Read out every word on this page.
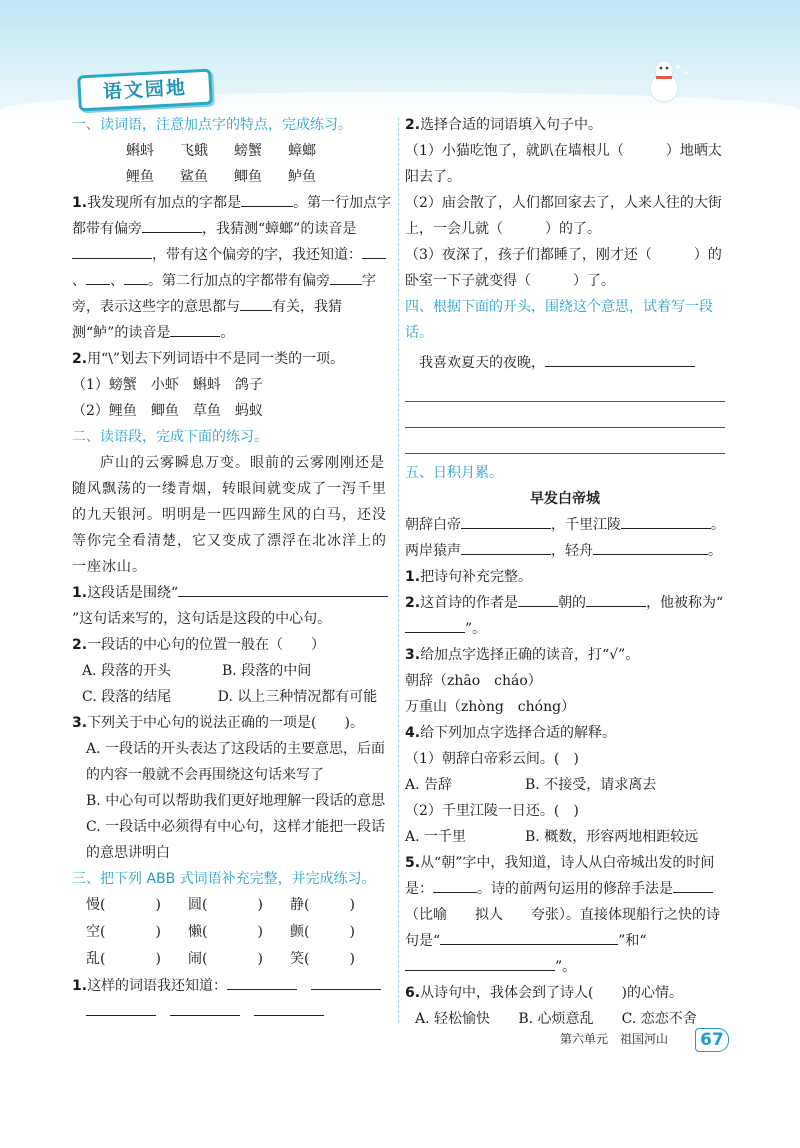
语文园地
一、读词语，注意加点字的特点，完成练习。
蝌蚪 飞蛾 螃蟹 蟑螂
鲤鱼 鲨鱼 鲫鱼 鲈鱼
1.我发现所有加点的字都是	。第一行加点字都带有偏旁	，我猜测“蟑螂”的读音是，带有这个偏旁的字，我还知道：、 、 。第二行加点的字都带有偏旁 字旁，表示这些字的意思都与 有关，我猜测“鲈”的读音是	。
2.用“\”划去下列词语中不是同一类的一项。
（1）螃蟹　小虾　蝌蚪　鸽子
（2）鲤鱼　鲫鱼　草鱼　蚂蚁
二、读语段，完成下面的练习。
庐山的云雾瞬息万变。眼前的云雾刚刚还是随风飘荡的一缕青烟，转眼间就变成了一泻千里的九天银河。明明是一匹四蹄生风的白马，还没等你完全看清楚，它又变成了漂浮在北冰洋上的一座冰山。
1.这段话是围绕“”这句话来写的，这句话是这段的中心句。
2.一段话的中心句的位置一般在（　　）
A. 段落的开头	B. 段落的中间
C. 段落的结尾	D. 以上三种情况都有可能
3.下列关于中心句的说法正确的一项是(　　)。
A. 一段话的开头表达了这段话的主要意思，后面的内容一般就不会再围绕这句话来写了
B. 中心句可以帮助我们更好地理解一段话的意思
C. 一段话中必须得有中心句，这样才能把一段话的意思讲明白
三、把下列 ABB 式词语补充完整，并完成练习。
慢(	)	圆(	)	静(	)
空(	)	懒(	)	颤(	)
乱(	)	闹(	)	笑(	)
1.这样的词语我还知道：　

2.选择合适的词语填入句子中。
（1）小猫吃饱了，就趴在墙根儿（　　　）地晒太阳去了。
（2）庙会散了，人们都回家去了，人来人往的大街上，一会儿就（　　　）的了。
（3）夜深了，孩子们都睡了，刚才还（　　　）的卧室一下子就变得（　　　）了。
四、根据下面的开头，围绕这个意思，试着写一段话。
我喜欢夏天的夜晚，
五、日积月累。
早发白帝城
朝辞白帝	，千里江陵	。
两岸猿声	，轻舟	。
1.把诗句补充完整。
2.这首诗的作者是	朝的	，他被称为“”。
3.给加点字选择正确的读音，打“√”。
朝辞（zhāo　cháo）
万重山（zhòng　chóng）
4.给下列加点字选择合适的解释。
（1）朝辞白帝彩云间。(　)
A. 告辞	B. 不接受，请求离去
（2）千里江陵一日还。(　)
A. 一千里	B. 概数，形容两地相距较远
5.从“朝”字中，我知道，诗人从白帝城出发的时间是：	。诗的前两句运用的修辞手法是（比喻　　拟人　　夸张）。直接体现船行之快的诗句是“	”和“”。
6.从诗句中，我体会到了诗人(　　)的心情。
A. 轻松愉快	B. 心烦意乱	C. 恋恋不舍
第六单元　祖国河山	67
